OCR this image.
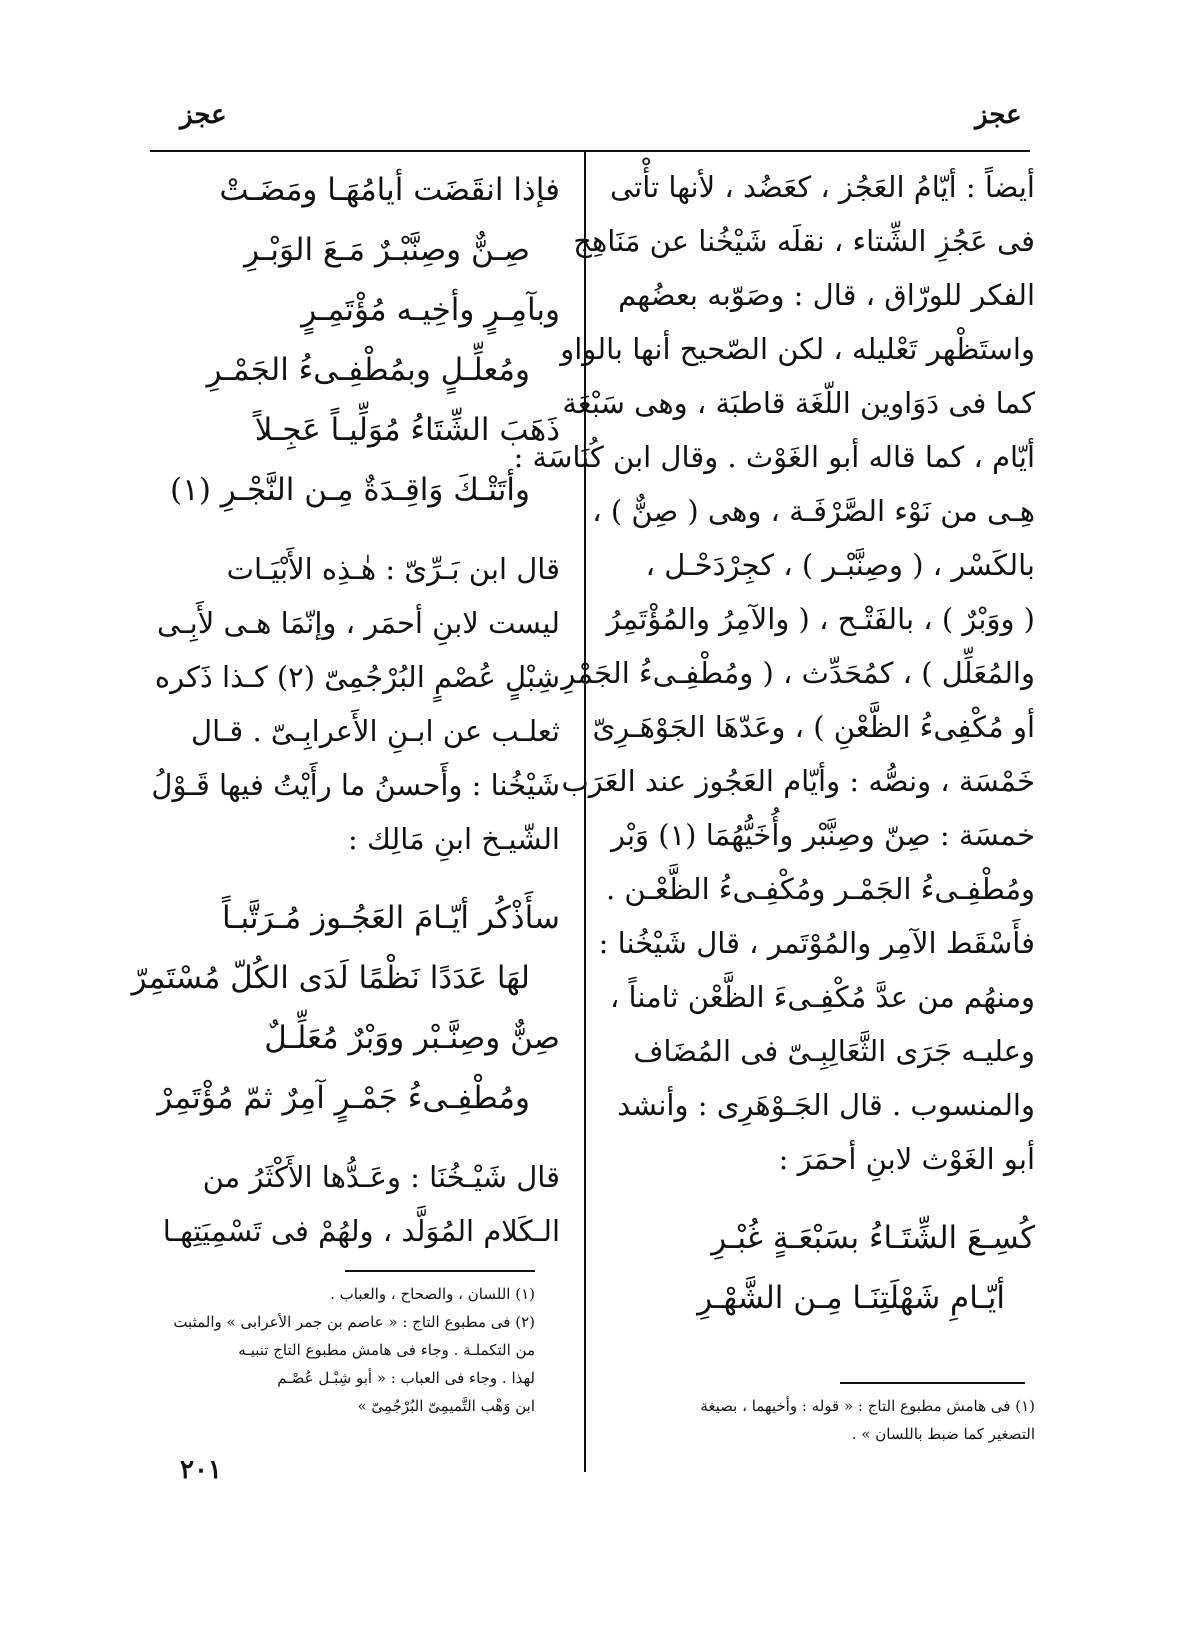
عجز
عجز
أيضاً : أيّامُ العَجُز ، كعَضُد ، لأنها تأْتى
فى عَجُزِ الشِّتاء ، نقلَه شَيْخُنا عن مَنَاهِج
الفكر للورّاق ، قال : وصَوّبه بعضُهم
واستَظْهر تَعْليله ، لكن الصّحيح أنها بالواو
كما فى دَوَاوين اللّغَة قاطبَة ، وهى سَبْعَة
أيّام ، كما قاله أبو الغَوْث . وقال ابن كُنَاسَة :
هِـى من نَوْء الصَّرْفَـة ، وهى ( صِنٌّ ) ،
بالكَسْر ، ( وصِنَّبْـر ) ، كجِرْدَحْـل ،
( ووَبْرٌ ) ، بالفَتْـح ، ( والآمِرُ والمُؤْتَمِرُ
والمُعَلِّل ) ، كمُحَدِّث ، ( ومُطْفِـىءُ الجَمْرِ
أو مُكْفِىءُ الظَّعْنِ ) ، وعَدّهَا الجَوْهَـرِىّ
خَمْسَة ، ونصُّه : وأيّام العَجُوز عند العَرَب
خمسَة : صِنّ وصِنَّبْر وأُخَيُّهُمَا (١) وَبْر
ومُطْفِـىءُ الجَمْـر ومُكْفِـىءُ الظَّعْـن .
فأَسْقَط الآمِر والمُوْتَمر ، قال شَيْخُنا :
ومنهُم من عدَّ مُكْفِـىءَ الظَّعْن ثامناً ،
وعليـه جَرَى الثَّعَالِبِـىّ فى المُضَاف
والمنسوب . قال الجَـوْهَرِى : وأنشد
أبو الغَوْث لابنِ أحمَرَ :
كُسِـعَ الشِّتَـاءُ بسَبْعَـةٍ غُبْـرِ
أيّـامِ شَهْلَتِنَـا مِـن الشَّهْـرِ
(١) فى هامش مطبوع التاج : « قوله : وأخيهما ، بصيغة
التصغير كما ضبط باللسان » .
فإذا انقَضَت أيامُهَـا ومَضَـتْ
صِـنٌّ وصِنَّبْـرٌ مَـعَ الوَبْـرِ
وبآمِـرٍ وأخِيـه مُؤْتَمِـرٍ
ومُعلِّـلٍ وبمُطْفِـىءُ الجَمْـرِ
ذَهَبَ الشِّتَاءُ مُوَلِّيـاً عَجِـلاً
وأتَتْـكَ وَاقِـدَةٌ مِـن النَّجْـرِ (١)
قال ابن بَـرِّىّ : هٰـذِه الأَبْيَـات
ليست لابنِ أحمَر ، وإنّمَا هـى لأَبِـى
شِبْلٍ عُصْمٍ البُرْجُمِىّ (٢) كـذا ذَكره
ثعلـب عن ابـنِ الأَعرابِـىّ . قـال
شَيْخُنا : وأَحسنُ ما رأَيْتُ فيها قَـوْلُ
الشّيـخ ابنِ مَالِك :
سأَذْكُر أيّـامَ العَجُـوز مُـرَتَّبـاً
لهَا عَدَدًا نَظْمًا لَدَى الكُلّ مُسْتَمِرّ
صِنٌّ وصِنَّـبْر ووَبْرٌ مُعَلِّـلٌ
ومُطْفِـىءُ جَمْـرٍ آمِرٌ ثمّ مُؤْتَمِرْ
قال شَيْـخُنَا : وعَـدُّها الأَكْثَرُ من
الـكَلام المُوَلَّد ، ولهُمْ فى تَسْمِيَتِهـا
(١) اللسان ، والصحاح ، والعباب .
(٢) فى مطبوع التاج : « عاصم بن جمر الأعرابى » والمثبت
من التكملـة . وجاء فى هامش مطبوع التاج تنبيـه
لهذا . وجاء فى العباب : « أبو شِبْـل عُصْـم
ابن وَهْب التَّميمِىّ البُرْجُمِىّ »
٢٠١
